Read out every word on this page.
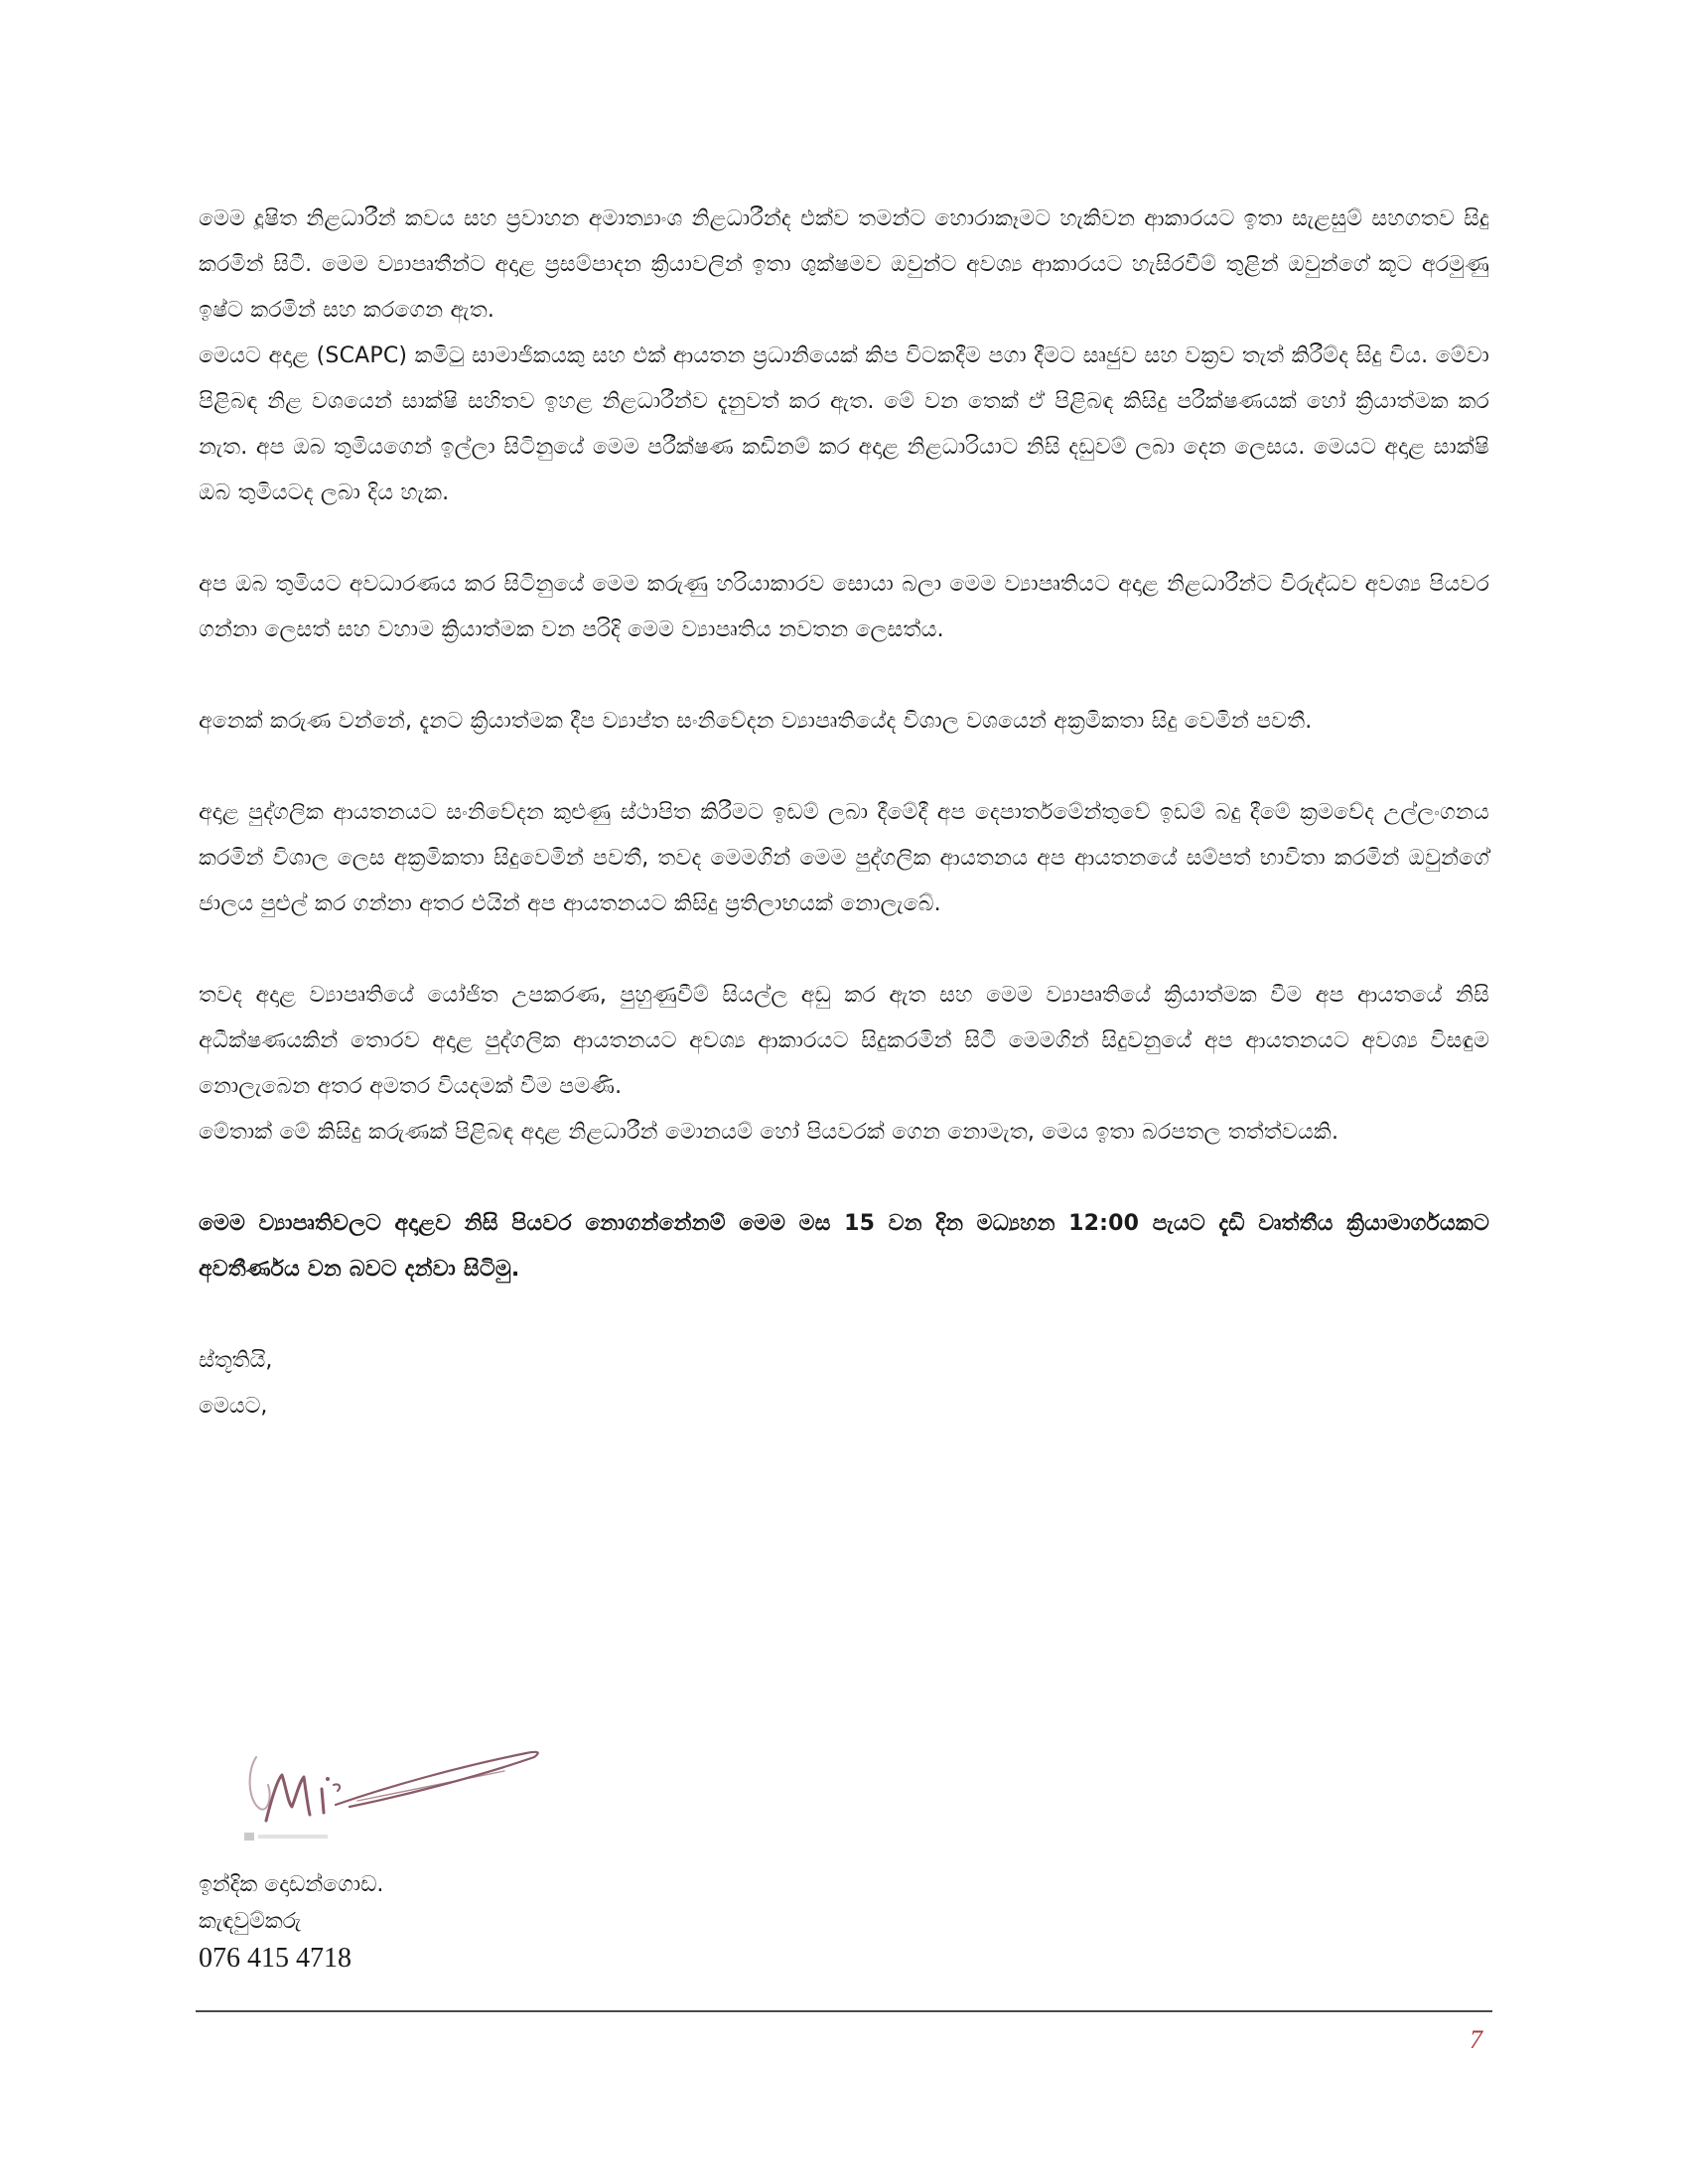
මෙම දූෂිත නිළධාරීන් කවය සහ ප්‍රවාහන අමාත්‍යාංශ නිළධාරීන්ද එක්ව තමන්ට හොරාකෑමට හැකිවන ආකාරයට ඉතා සැළසුම් සහගතව සිදු කරමින් සිටී. මෙම ව්‍යාපෘතීන්ට අදාළ ප්‍රසම්පාදන ක්‍රියාවලින් ඉතා ශුක්ෂමව ඔවුන්ට අවශ්‍ය ආකාරයට හැසිරවීම් තුළින් ඔවුන්ගේ කූට අරමුණු ඉෂ්ට කරමින් සහ කරගෙන ඇත.

මෙයට අදාළ (SCAPC) කමිටු සාමාජිකයකු සහ එක් ආයතන ප්‍රධානියෙක් කිප විටකදීම පගා දීමට සෘජුව සහ වක්‍රව තැත් කිරීම්ද සිදු විය. මේවා පිළිබඳ නිළ වශයෙන් සාක්ෂි සහිතව ඉහළ නිළධාරීන්ව දැනුවත් කර ඇත. මේ වන තෙක් ඒ පිළිබඳ කිසිදු පරීක්ෂණයක් හෝ ක්‍රියාත්මක කර නැත. අප ඔබ තුමියගෙන් ඉල්ලා සිටිනුයේ මෙම පරීක්ෂණ කඩිනම් කර අදාළ නිළධාරියාට නිසි දඩුවම් ලබා දෙන ලෙසය. මෙයට අදාළ සාක්ෂි ඔබ තුමියටද ලබා දිය හැක.

අප ඔබ තුමියට අවධාරණය කර සිටිනුයේ මෙම කරුණු හරියාකාරව සොයා බලා මෙම ව්‍යාපෘතියට අදාළ නිළධාරීන්ට විරුද්ධව අවශ්‍ය පියවර ගන්නා ලෙසත් සහ වහාම ක්‍රියාත්මක වන පරිදි මෙම ව්‍යාපෘතිය නවතන ලෙසත්ය.

අනෙක් කරුණ වන්නේ, දැනට ක්‍රියාත්මක දීප ව්‍යාප්ත සංනිවේදන ව්‍යාපෘතියේද විශාල වශයෙන් අක්‍රමිකතා සිදු වෙමින් පවතී.

අදාළ පුද්ගලික ආයතනයට සංනිවේදන කුළුණු ස්ථාපිත කිරීමට ඉඩම් ලබා දීමේදී අප දෙපාර්තමේන්තුවේ ඉඩම් බදු දීමේ ක්‍රමවේද උල්ලංගනය කරමින් විශාල ලෙස අක්‍රමිකතා සිදුවෙමින් පවතී, තවද මෙමගින් මෙම පුද්ගලික ආයතනය අප ආයතනයේ සම්පත් භාවිතා කරමින් ඔවුන්ගේ ජාලය පුළුල් කර ගන්නා අතර එයින් අප ආයතනයට කිසිදු ප්‍රතිලාභයක් නොලැබේ.

තවද අදාළ ව්‍යාපෘතියේ යෝජිත උපකරණ, පුහුණුවීම් සියල්ල අඩු කර ඇත සහ මෙම ව්‍යාපෘතියේ ක්‍රියාත්මක වීම අප ආයතයේ නිසි අධීක්ෂණයකින් තොරව අදාළ පුද්ගලික ආයතනයට අවශ්‍ය ආකාරයට සිදුකරමින් සිටී මෙමගින් සිදුවනුයේ අප ආයතනයට අවශ්‍ය විසඳුම නොලැබෙන අතර අමතර වියදමක් වීම පමණි.

මේතාක් මේ කිසිදු කරුණක් පිළිබඳ අදාළ නිළධාරීන් මොනයම් හෝ පියවරක් ගෙන නොමැත, මෙය ඉතා බරපතල තත්ත්වයකි.

මෙම ව්‍යාපෘතිවලට අදාළව නිසි පියවර නොගන්නේනම් මෙම මස 15 වන දින මධ්‍යහන 12:00 පැයට දැඩි වෘත්තීය ක්‍රියාමාර්ගයකට අවතීර්ණය වන බවට දන්වා සිටිමු.

ස්තූතියි,

මෙයට,

ඉන්දික දොඩන්ගොඩ.

කැඳවුම්කරු

076 415 4718

7
